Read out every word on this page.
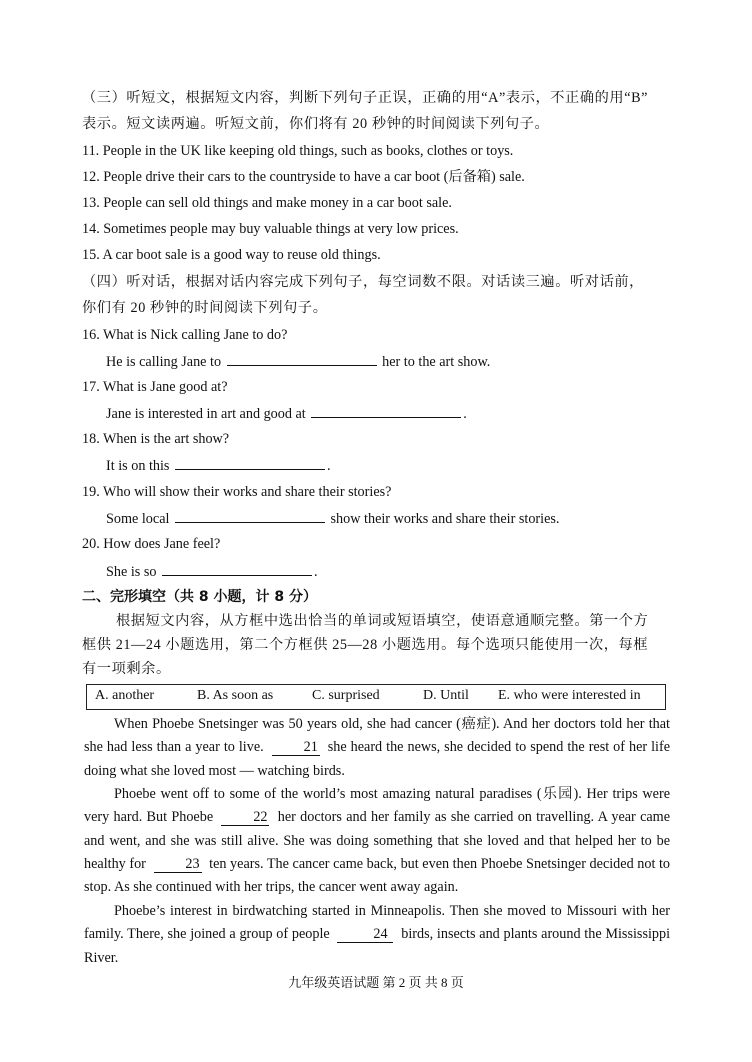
（三）听短文，根据短文内容，判断下列句子正误，正确的用“A”表示，不正确的用“B”
表示。短文读两遍。听短文前，你们将有 20 秒钟的时间阅读下列句子。
11. People in the UK like keeping old things, such as books, clothes or toys.
12. People drive their cars to the countryside to have a car boot (后备箱) sale.
13. People can sell old things and make money in a car boot sale.
14. Sometimes people may buy valuable things at very low prices.
15. A car boot sale is a good way to reuse old things.
（四）听对话，根据对话内容完成下列句子，每空词数不限。对话读三遍。听对话前，
你们有 20 秒钟的时间阅读下列句子。
16. What is Nick calling Jane to do?
He is calling Jane to	her to the art show.
17. What is Jane good at?
Jane is interested in art and good at	.
18. When is the art show?
It is on this	.
19. Who will show their works and share their stories?
Some local	show their works and share their stories.
20. How does Jane feel?
She is so	.
二、完形填空（共 8 小题，计 8 分）
根据短文内容，从方框中选出恰当的单词或短语填空，使语意通顺完整。第一个方
框供 21—24 小题选用，第二个方框供 25—28 小题选用。每个选项只能使用一次，每框
有一项剩余。
A. another	B. As soon as	C. surprised	D. Until E. who were interested in
When Phoebe Snetsinger was 50 years old, she had cancer (癌症). And her doctors told her that she had less than a year to live.	21 she heard the news, she decided to spend the rest of her life doing what she loved most — watching birds.
Phoebe went off to some of the world’s most amazing natural paradises (乐园). Her trips were very hard. But Phoebe	22 her doctors and her family as she carried on travelling. A year came and went, and she was still alive. She was doing something that she loved and that helped her to be healthy for	23 ten years. The cancer came back, but even then Phoebe Snetsinger decided not to stop. As she continued with her trips, the cancer went away again.
Phoebe’s interest in birdwatching started in Minneapolis. Then she moved to Missouri with her family. There, she joined a group of people	24 birds, insects and plants around the Mississippi River.
九年级英语试题 第 2 页 共 8 页
